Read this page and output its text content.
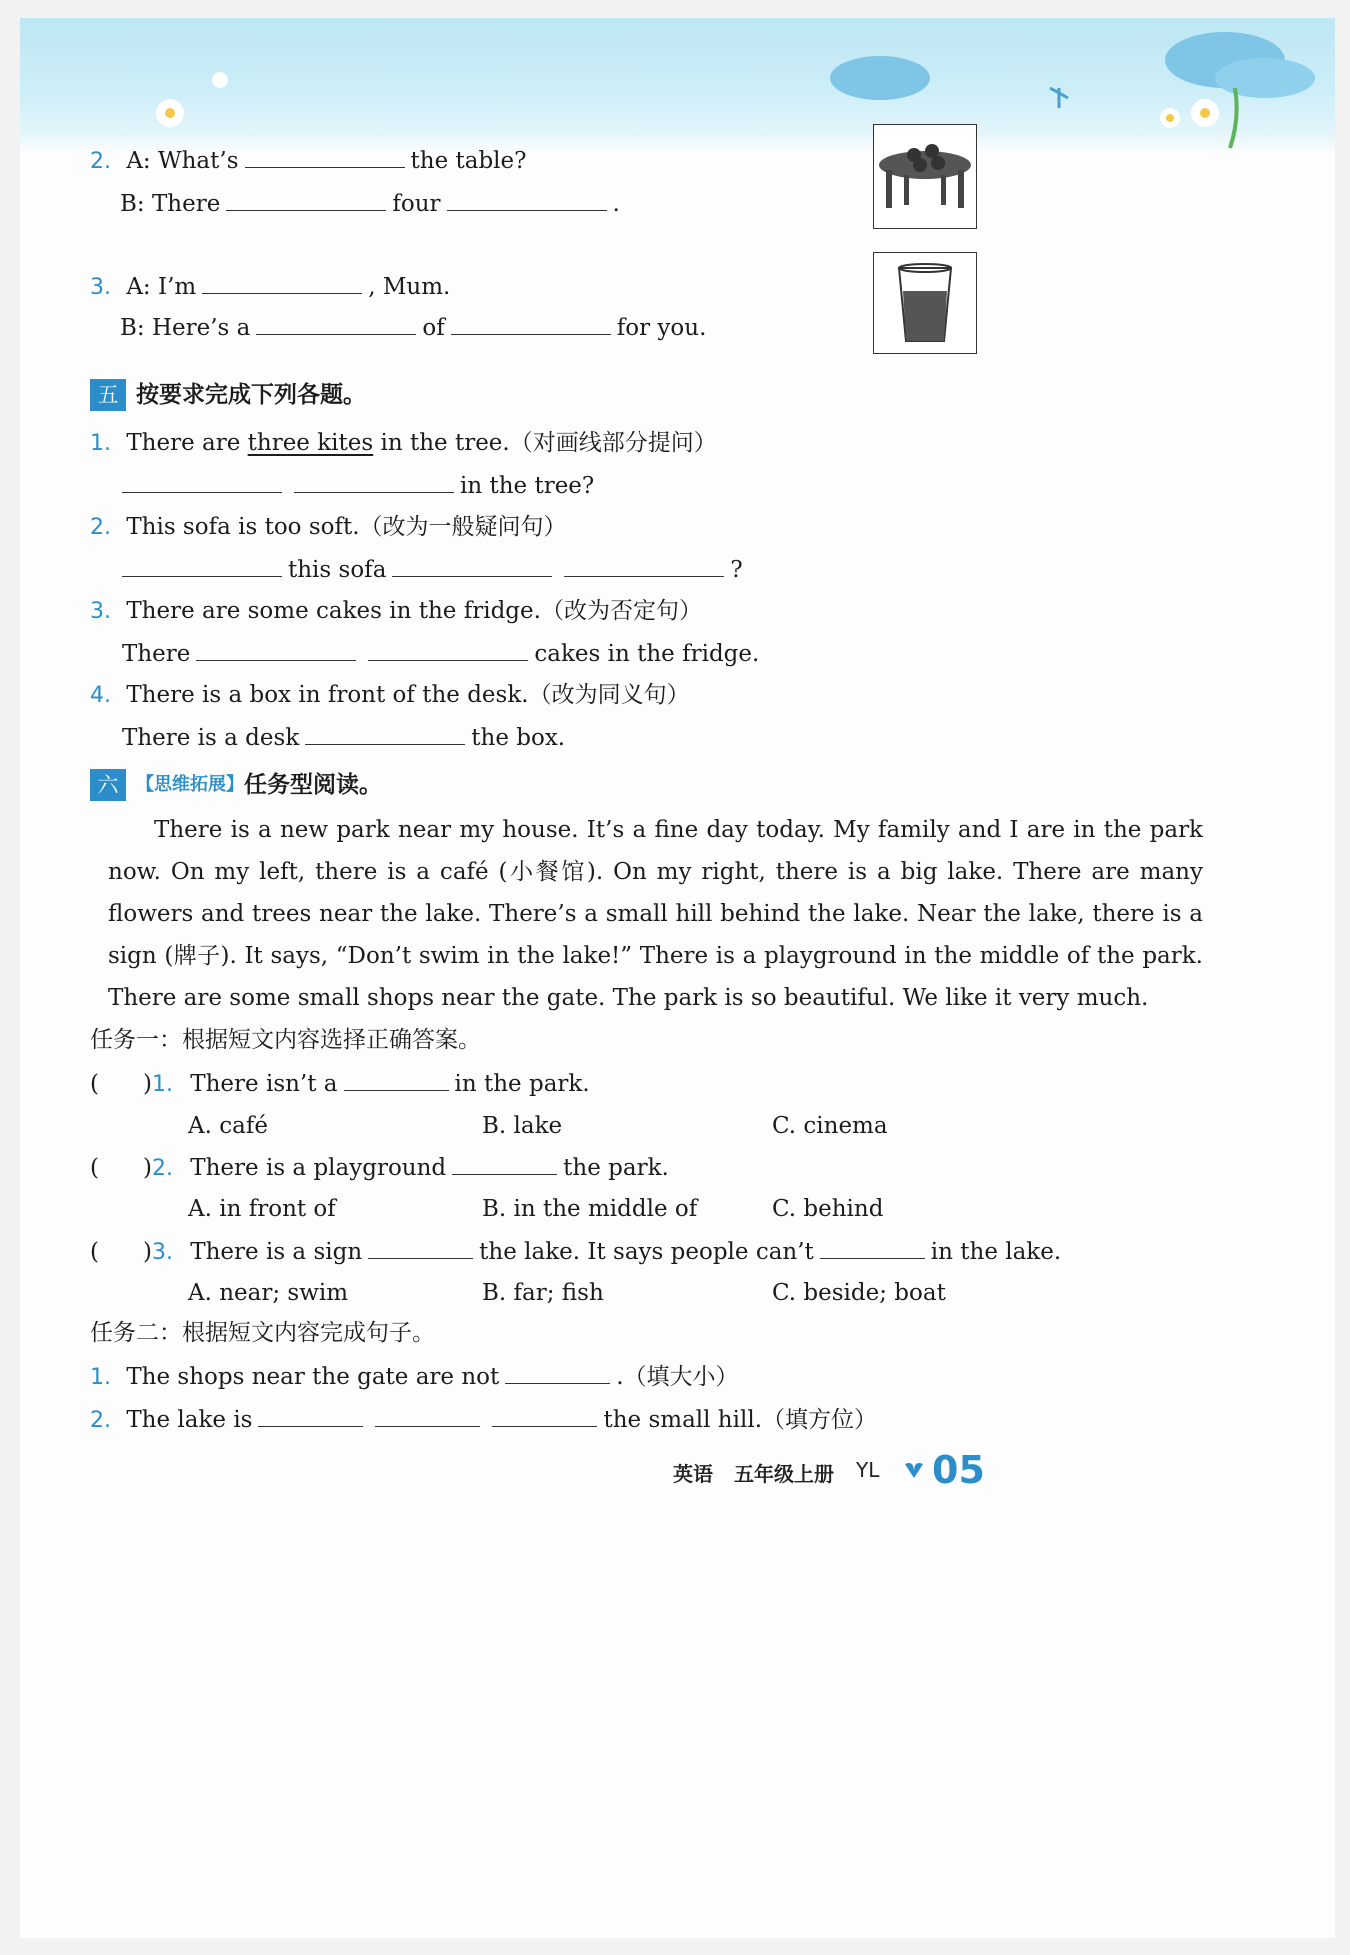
2. A: What’s	the table?
B: There	four	.
3. A: I’m	, Mum.
B: Here’s a	of	for you.
五 按要求完成下列各题。
1. There are three kites in the tree.（对画线部分提问）
in the tree?
2. This sofa is too soft.（改为一般疑问句）
this sofa	?
3. There are some cakes in the fridge.（改为否定句）
There	cakes in the fridge.
4. There is a box in front of the desk.（改为同义句）
There is a desk	the box.
六 【思维拓展】任务型阅读。

There is a new park near my house. It’s a fine day today. My family and I are in the park now. On my left, there is a café (小餐馆). On my right, there is a big lake. There are many flowers and trees near the lake. There’s a small hill behind the lake. Near the lake, there is a sign (牌子). It says, “Don’t swim in the lake!” There is a playground in the middle of the park. There are some small shops near the gate. The park is so beautiful. We like it very much.

任务一：根据短文内容选择正确答案。
( )1. There isn’t a	in the park.
A. café	B. lake	C. cinema
( )2. There is a playground	the park.
A. in front of	B. in the middle of	C. behind
( )3. There is a sign	the lake. It says people can’t	in the lake.
A. near; swim	B. far; fish	C. beside; boat
任务二：根据短文内容完成句子。
1. The shops near the gate are not	.（填大小）
2. The lake is	the small hill.（填方位）
英语 五年级上册 YL 05
